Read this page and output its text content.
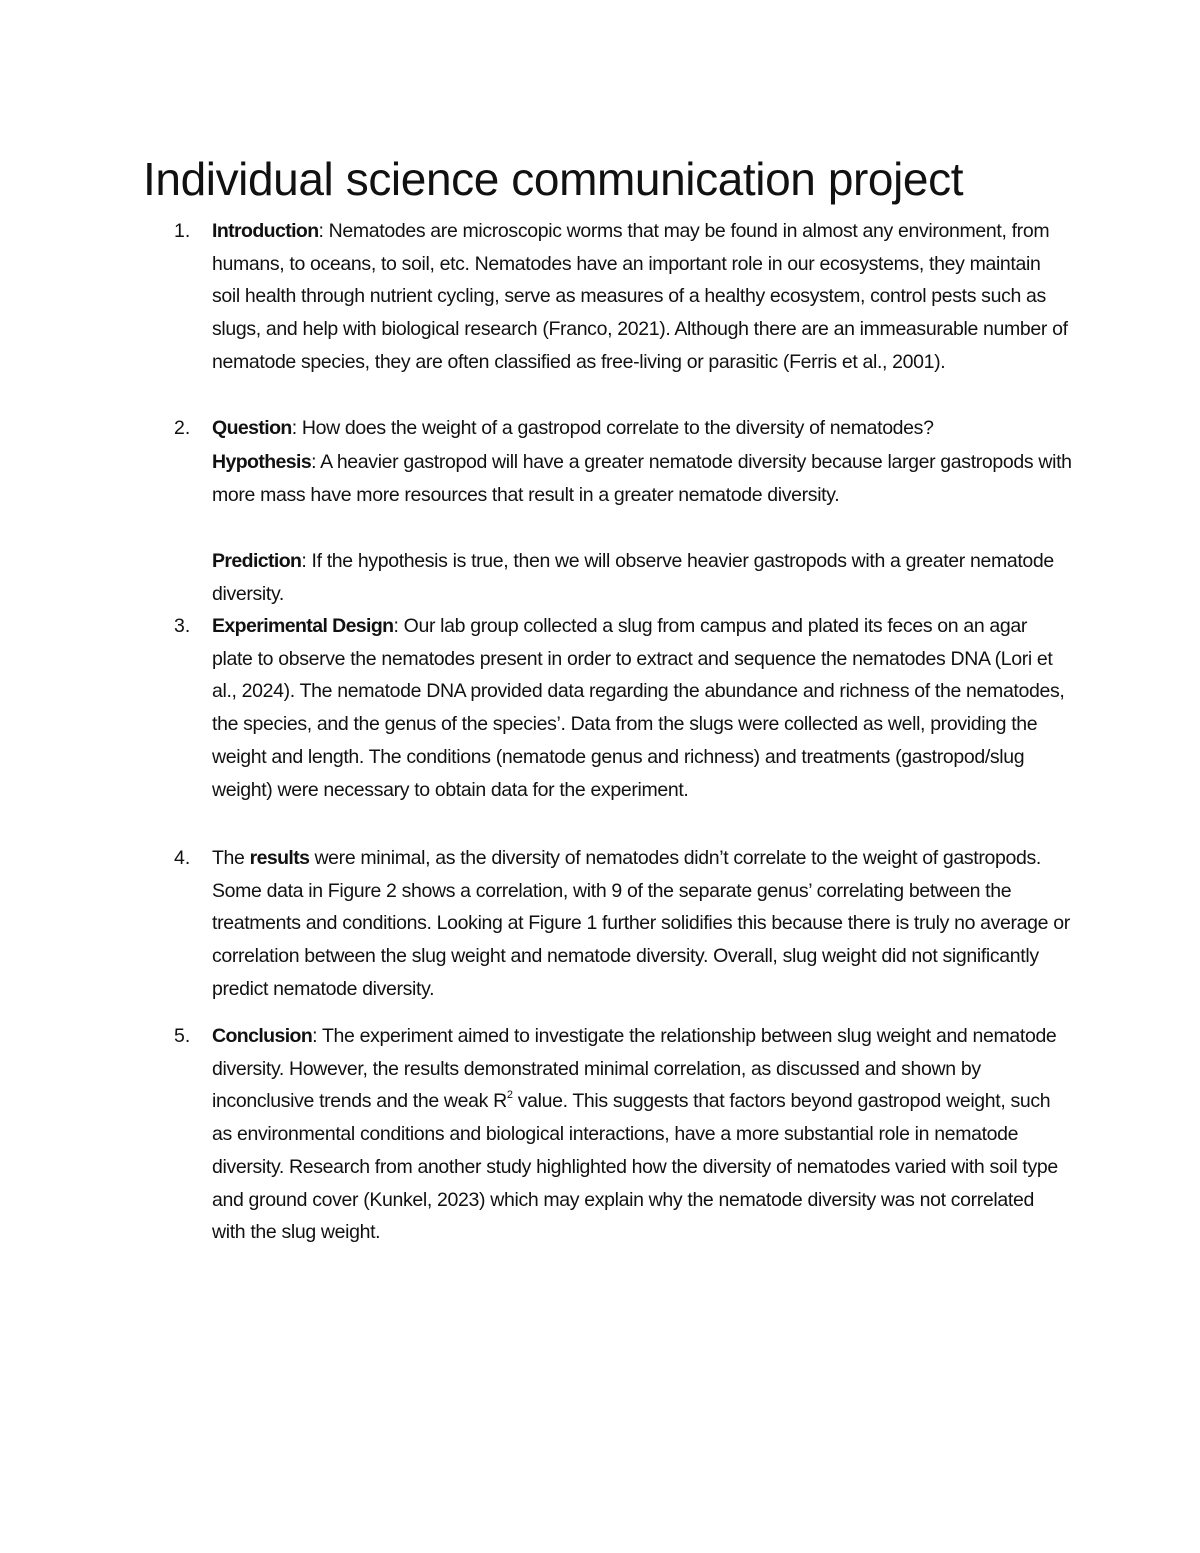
Individual science communication project
1.	Introduction: Nematodes are microscopic worms that may be found in almost any environment, from humans, to oceans, to soil, etc. Nematodes have an important role in our ecosystems, they maintain soil health through nutrient cycling, serve as measures of a healthy ecosystem, control pests such as slugs, and help with biological research (Franco, 2021). Although there are an immeasurable number of nematode species, they are often classified as free-living or parasitic (Ferris et al., 2001).

2.	Question: How does the weight of a gastropod correlate to the diversity of nematodes?

Hypothesis: A heavier gastropod will have a greater nematode diversity because larger gastropods with more mass have more resources that result in a greater nematode diversity.

Prediction: If the hypothesis is true, then we will observe heavier gastropods with a greater nematode diversity.

3.	Experimental Design: Our lab group collected a slug from campus and plated its feces on an agar plate to observe the nematodes present in order to extract and sequence the nematodes DNA (Lori et al., 2024). The nematode DNA provided data regarding the abundance and richness of the nematodes, the species, and the genus of the species’. Data from the slugs were collected as well, providing the weight and length. The conditions (nematode genus and richness) and treatments (gastropod/slug weight) were necessary to obtain data for the experiment.

4.	The results were minimal, as the diversity of nematodes didn’t correlate to the weight of gastropods. Some data in Figure 2 shows a correlation, with 9 of the separate genus’ correlating between the treatments and conditions. Looking at Figure 1 further solidifies this because there is truly no average or correlation between the slug weight and nematode diversity. Overall, slug weight did not significantly predict nematode diversity.

5.	Conclusion: The experiment aimed to investigate the relationship between slug weight and nematode diversity. However, the results demonstrated minimal correlation, as discussed and shown by inconclusive trends and the weak $R^2$ value. This suggests that factors beyond gastropod weight, such as environmental conditions and biological interactions, have a more substantial role in nematode diversity. Research from another study highlighted how the diversity of nematodes varied with soil type and ground cover (Kunkel, 2023) which may explain why the nematode diversity was not correlated with the slug weight.
